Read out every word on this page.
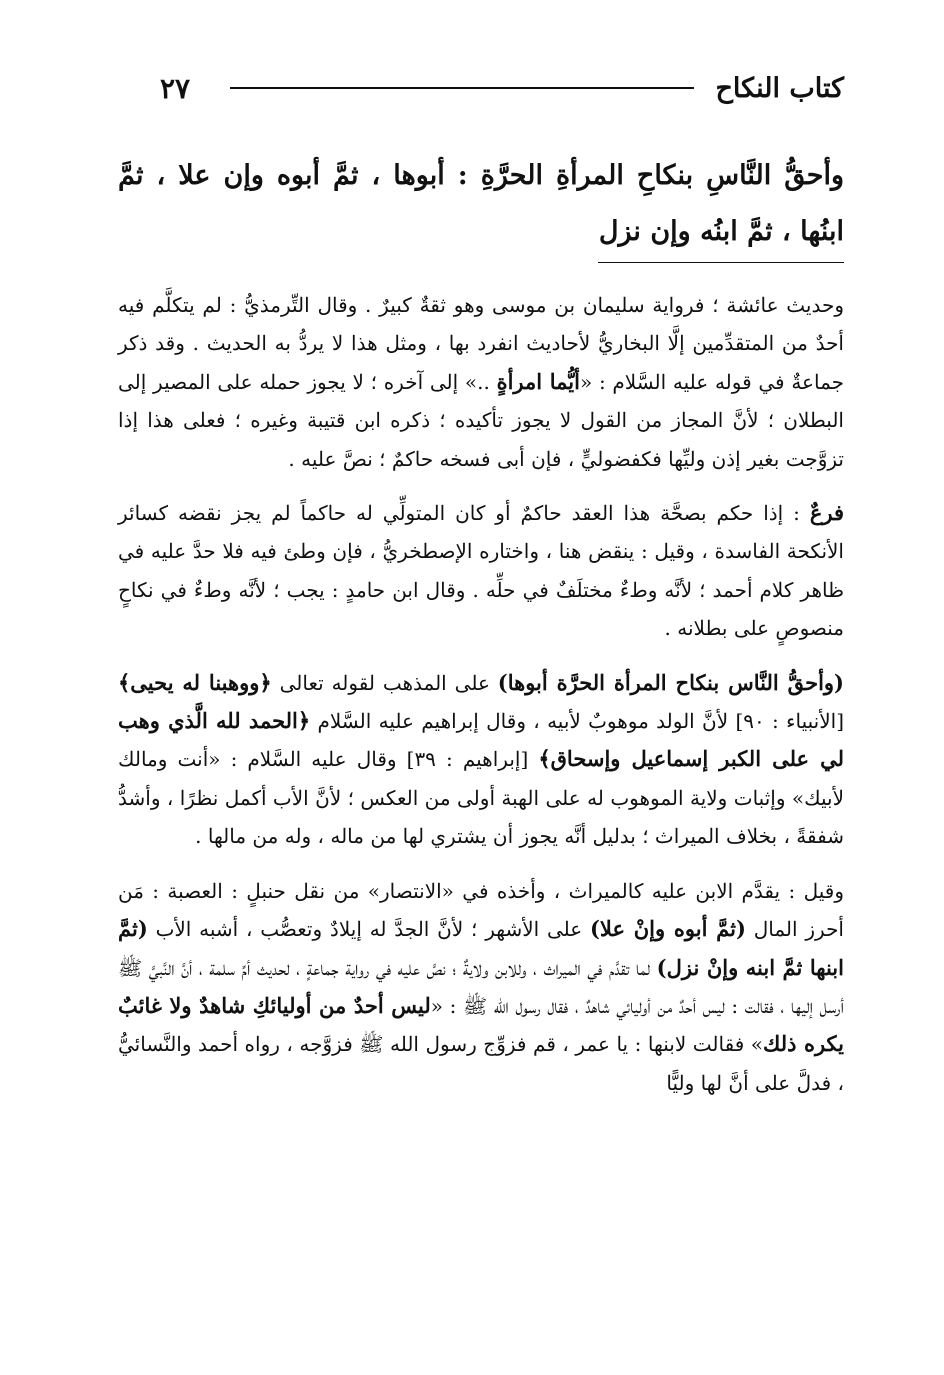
كتاب النكاح
٢٧
وأحقُّ النَّاسِ بنكاحِ المرأةِ الحرَّةِ : أبوها ، ثمَّ أبوه وإن علا ، ثمَّ ابنُها ، ثمَّ ابنُه وإن نزل

وحديث عائشة ؛ فرواية سليمان بن موسى وهو ثقةٌ كبيرٌ . وقال التِّرمذيُّ : لم يتكلَّم فيه أحدٌ من المتقدِّمين إلَّا البخاريُّ لأحاديث انفرد بها ، ومثل هذا لا يردُّ به الحديث . وقد ذكر جماعةٌ في قوله عليه السَّلام : «أيُّما امرأةٍ ..» إلى آخره ؛ لا يجوز حمله على المصير إلى البطلان ؛ لأنَّ المجاز من القول لا يجوز تأكيده ؛ ذكره ابن قتيبة وغيره ؛ فعلى هذا إذا تزوَّجت بغير إذن وليِّها فكفضوليٍّ ، فإن أبى فسخه حاكمٌ ؛ نصَّ عليه .

فرعٌ : إذا حكم بصحَّة هذا العقد حاكمٌ أو كان المتولِّي له حاكماً لم يجز نقضه كسائر الأنكحة الفاسدة ، وقيل : ينقض هنا ، واختاره الإصطخريُّ ، فإن وطئ فيه فلا حدَّ عليه في ظاهر كلام أحمد ؛ لأنَّه وطءٌ مختلَفٌ في حلِّه . وقال ابن حامدٍ : يجب ؛ لأنَّه وطءٌ في نكاحٍ منصوصٍ على بطلانه .

(وأحقُّ النَّاس بنكاح المرأة الحرَّة أبوها) على المذهب لقوله تعالى ﴿ووهبنا له يحيى﴾ [الأنبياء : ٩٠] لأنَّ الولد موهوبٌ لأبيه ، وقال إبراهيم عليه السَّلام ﴿الحمد لله الَّذي وهب لي على الكبر إسماعيل وإسحاق﴾ [إبراهيم : ٣٩] وقال عليه السَّلام : «أنت ومالك لأبيك» وإثبات ولاية الموهوب له على الهبة أولى من العكس ؛ لأنَّ الأب أكمل نظرًا ، وأشدُّ شفقةً ، بخلاف الميراث ؛ بدليل أنَّه يجوز أن يشتري لها من ماله ، وله من مالها .

وقيل : يقدَّم الابن عليه كالميراث ، وأخذه في «الانتصار» من نقل حنبلٍ : العصبة : مَن أحرز المال (ثمَّ أبوه وإنْ علا) على الأشهر ؛ لأنَّ الجدَّ له إيلادٌ وتعصُّب ، أشبه الأب (ثمَّ ابنها ثمَّ ابنه وإنْ نزل) لما تقدَّم في الميراث ، وللابن ولايةٌ ؛ نصَّ عليه في رواية جماعةٍ ، لحديث أمِّ سلمة ، أنَّ النَّبيَّ ﷺ أرسل إليها ، فقالت : ليس أحدٌ من أوليائي شاهدٌ ، فقال رسول الله ﷺ : «ليس أحدٌ من أوليائكِ شاهدٌ ولا غائبٌ يكره ذلك» فقالت لابنها : يا عمر ، قم فزوِّج رسول الله ﷺ فزوَّجه ، رواه أحمد والنَّسائيُّ ، فدلَّ على أنَّ لها وليًّا
